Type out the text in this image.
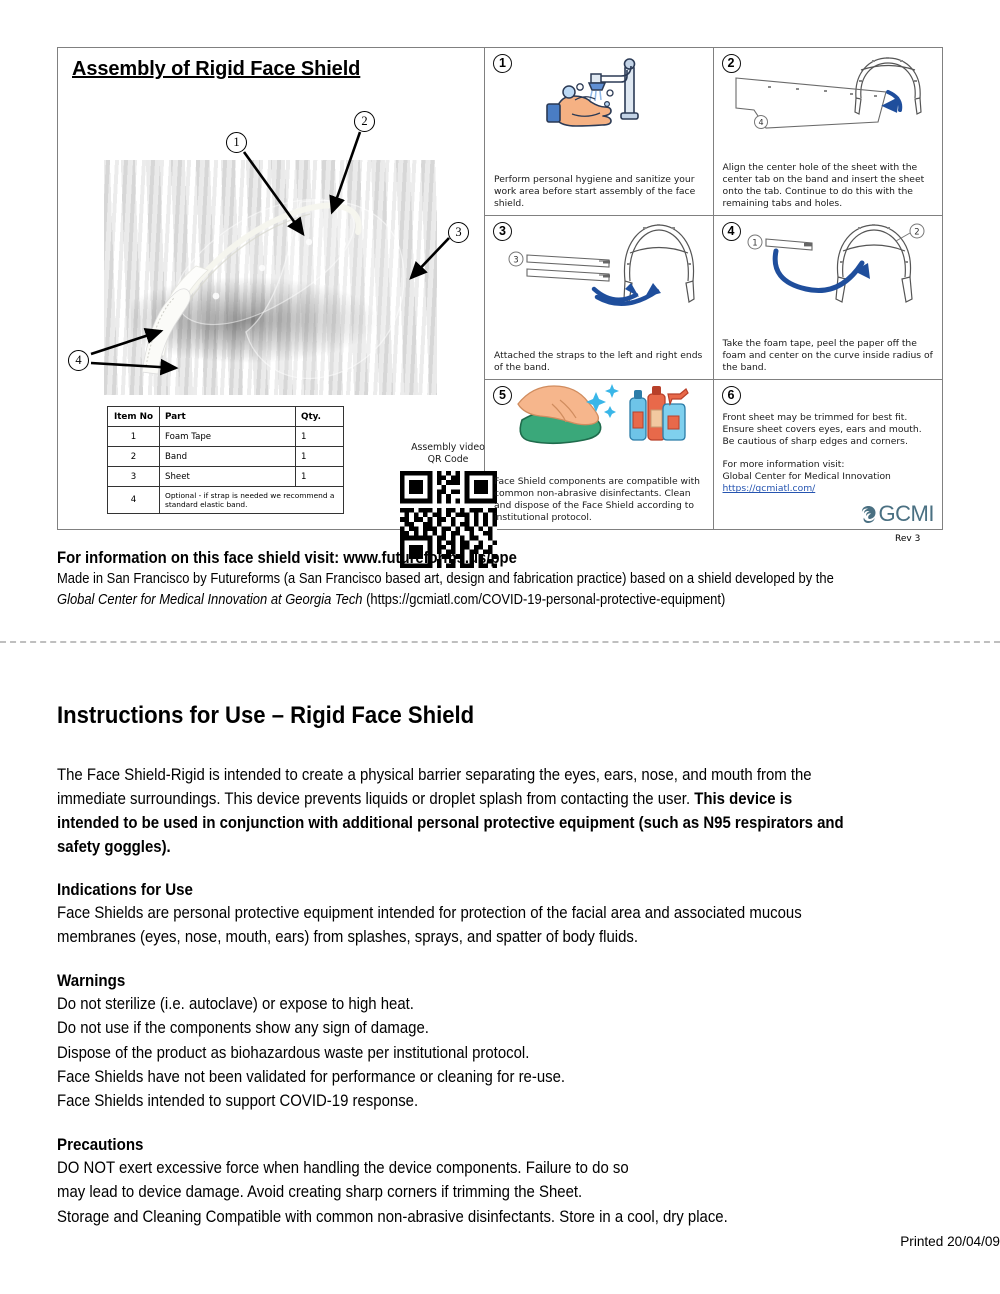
Assembly of Rigid Face Shield
1
2
3
4
Item No	Part	Qty.
1	Foam Tape	1
2	Band	1
3	Sheet	1
4	Optional - if strap is needed we recommend a standard elastic band.	
Assembly video
QR Code
1
Perform personal hygiene and sanitize your work area before start assembly of the face shield.
2
4
Align the center hole of the sheet with the center tab on the band and insert the sheet onto the tab. Continue to do this with the remaining tabs and holes.
3
3
Attached the straps to the left and right ends of the band.
4
1
2
Take the foam tape, peel the paper off the foam and center on the curve inside radius of the band.
5
Face Shield components are compatible with common non-abrasive disinfectants. Clean and dispose of the Face Shield according to institutional protocol.
6
Front sheet may be trimmed for best fit. Ensure sheet covers eyes, ears and mouth. Be cautious of sharp edges and corners.
For more information visit:
Global Center for Medical Innovation
https://gcmiatl.com/
GCMI
Rev 3
For information on this face shield visit: www.futureforms.us/ppe
Made in San Francisco by Futureforms (a San Francisco based art, design and fabrication practice) based on a shield developed by the
Global Center for Medical Innovation at Georgia Tech (https://gcmiatl.com/COVID-19-personal-protective-equipment)
Instructions for Use – Rigid Face Shield

The Face Shield-Rigid is intended to create a physical barrier separating the eyes, ears, nose, and mouth from the immediate surroundings. This device prevents liquids or droplet splash from contacting the user. This device is intended to be used in conjunction with additional personal protective equipment (such as N95 respirators and safety goggles).

Indications for Use
Face Shields are personal protective equipment intended for protection of the facial area and associated mucous membranes (eyes, nose, mouth, ears) from splashes, sprays, and spatter of body fluids.
Warnings
Do not sterilize (i.e. autoclave) or expose to high heat.
Do not use if the components show any sign of damage.
Dispose of the product as biohazardous waste per institutional protocol.
Face Shields have not been validated for performance or cleaning for re-use.
Face Shields intended to support COVID-19 response.
Precautions
DO NOT exert excessive force when handling the device components. Failure to do so
may lead to device damage. Avoid creating sharp corners if trimming the Sheet.
Storage and Cleaning Compatible with common non-abrasive disinfectants. Store in a cool, dry place.
Printed 20/04/09
